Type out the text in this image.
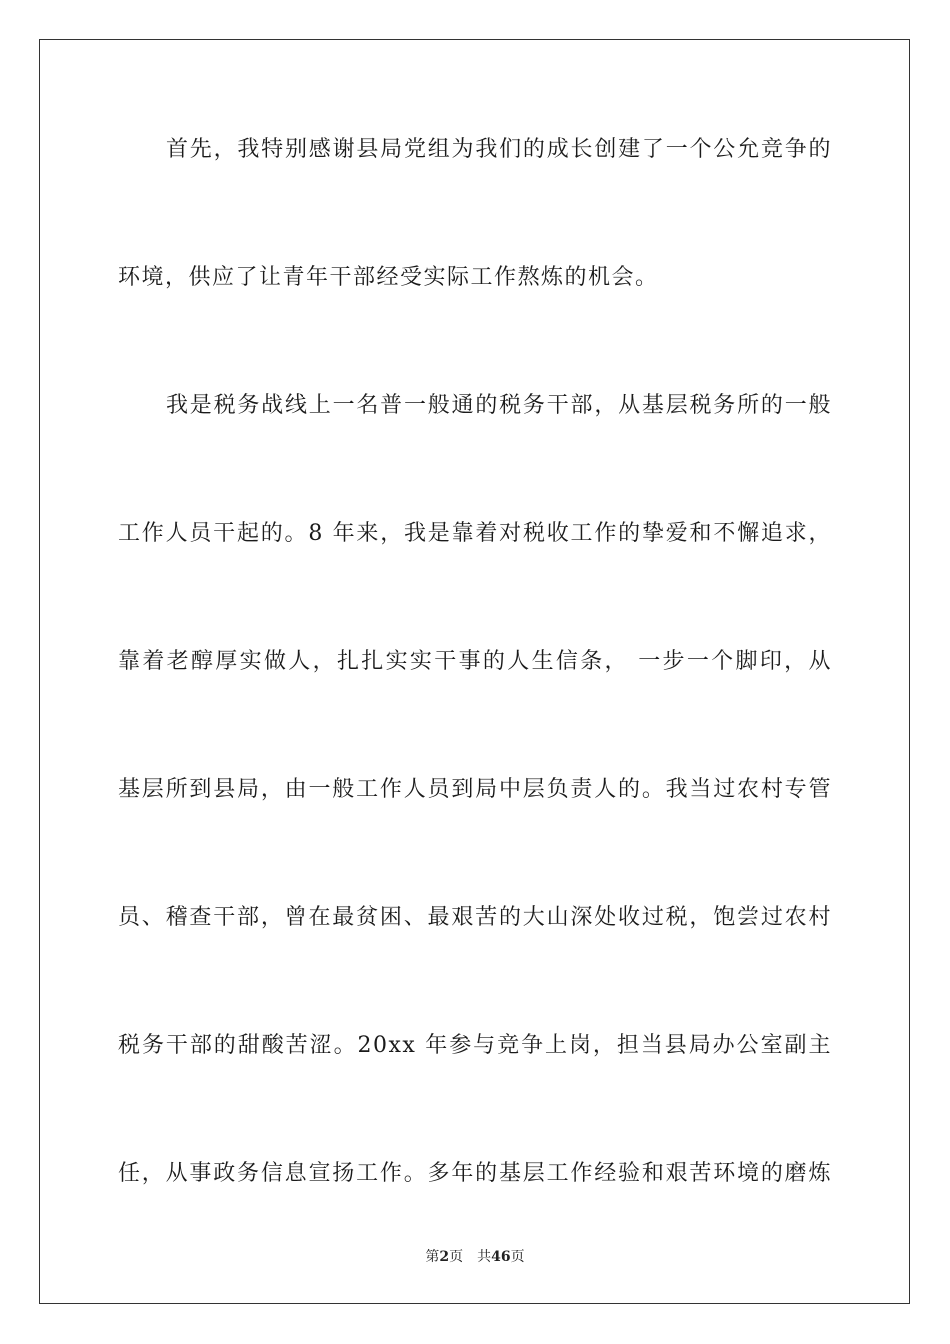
首先，我特别感谢县局党组为我们的成长创建了一个公允竞争的
环境，供应了让青年干部经受实际工作熬炼的机会。
我是税务战线上一名普一般通的税务干部，从基层税务所的一般
工作人员干起的。8 年来，我是靠着对税收工作的挚爱和不懈追求，
靠着老醇厚实做人，扎扎实实干事的人生信条， 一步一个脚印，从
基层所到县局，由一般工作人员到局中层负责人的。我当过农村专管
员、稽查干部，曾在最贫困、最艰苦的大山深处收过税，饱尝过农村
税务干部的甜酸苦涩。20xx 年参与竞争上岗，担当县局办公室副主
任，从事政务信息宣扬工作。多年的基层工作经验和艰苦环境的磨炼
第2页 共46页
